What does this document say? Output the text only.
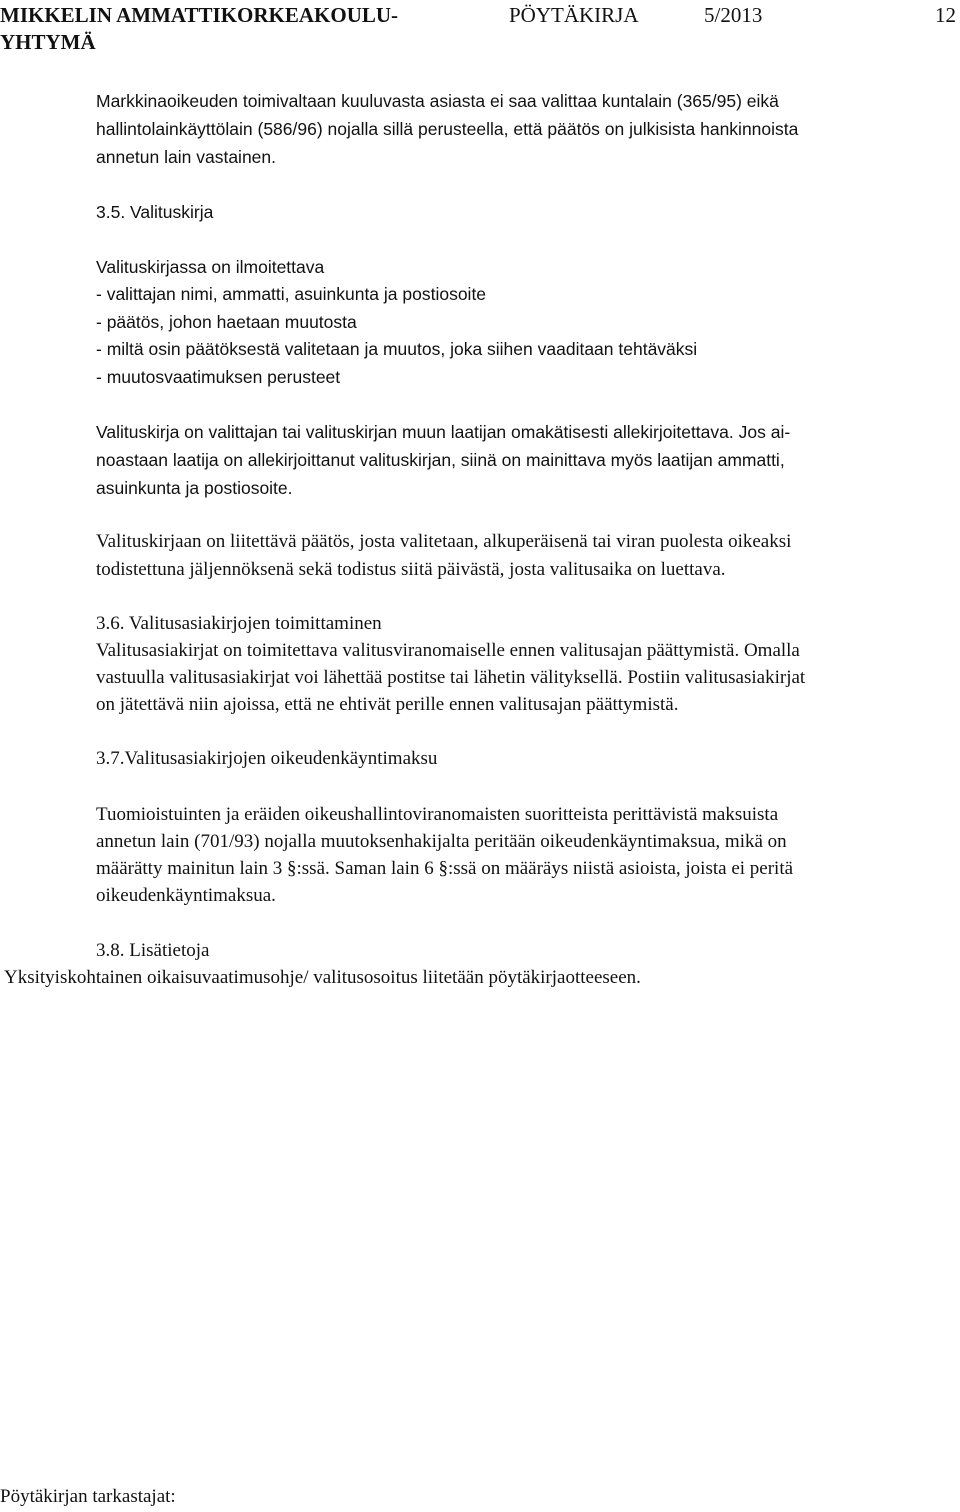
MIKKELIN AMMATTIKORKEAKOULU-
YHTYMÄ
PÖYTÄKIRJA	5/2013	12
Markkinaoikeuden toimivaltaan kuuluvasta asiasta ei saa valittaa kuntalain (365/95) eikä
hallintolainkäyttölain (586/96) nojalla sillä perusteella, että päätös on julkisista hankinnoista
annetun lain vastainen.
3.5. Valituskirja
Valituskirjassa on ilmoitettava
- valittajan nimi, ammatti, asuinkunta ja postiosoite
- päätös, johon haetaan muutosta
- miltä osin päätöksestä valitetaan ja muutos, joka siihen vaaditaan tehtäväksi
- muutosvaatimuksen perusteet
Valituskirja on valittajan tai valituskirjan muun laatijan omakätisesti allekirjoitettava. Jos ai-
noastaan laatija on allekirjoittanut valituskirjan, siinä on mainittava myös laatijan ammatti,
asuinkunta ja postiosoite.
Valituskirjaan on liitettävä päätös, josta valitetaan, alkuperäisenä tai viran puolesta oikeaksi
todistettuna jäljennöksenä sekä todistus siitä päivästä, josta valitusaika on luettava.
3.6. Valitusasiakirjojen toimittaminen
Valitusasiakirjat on toimitettava valitusviranomaiselle ennen valitusajan päättymistä. Omalla
vastuulla valitusasiakirjat voi lähettää postitse tai lähetin välityksellä. Postiin valitusasiakirjat
on jätettävä niin ajoissa, että ne ehtivät perille ennen valitusajan päättymistä.
3.7.Valitusasiakirjojen oikeudenkäyntimaksu
Tuomioistuinten ja eräiden oikeushallintoviranomaisten suoritteista perittävistä maksuista
annetun lain (701/93) nojalla muutoksenhakijalta peritään oikeudenkäyntimaksua, mikä on
määrätty mainitun lain 3 §:ssä. Saman lain 6 §:ssä on määräys niistä asioista, joista ei peritä
oikeudenkäyntimaksua.
3.8. Lisätietoja
Yksityiskohtainen oikaisuvaatimusohje/ valitusosoitus liitetään pöytäkirjaotteeseen.
Pöytäkirjan tarkastajat:
